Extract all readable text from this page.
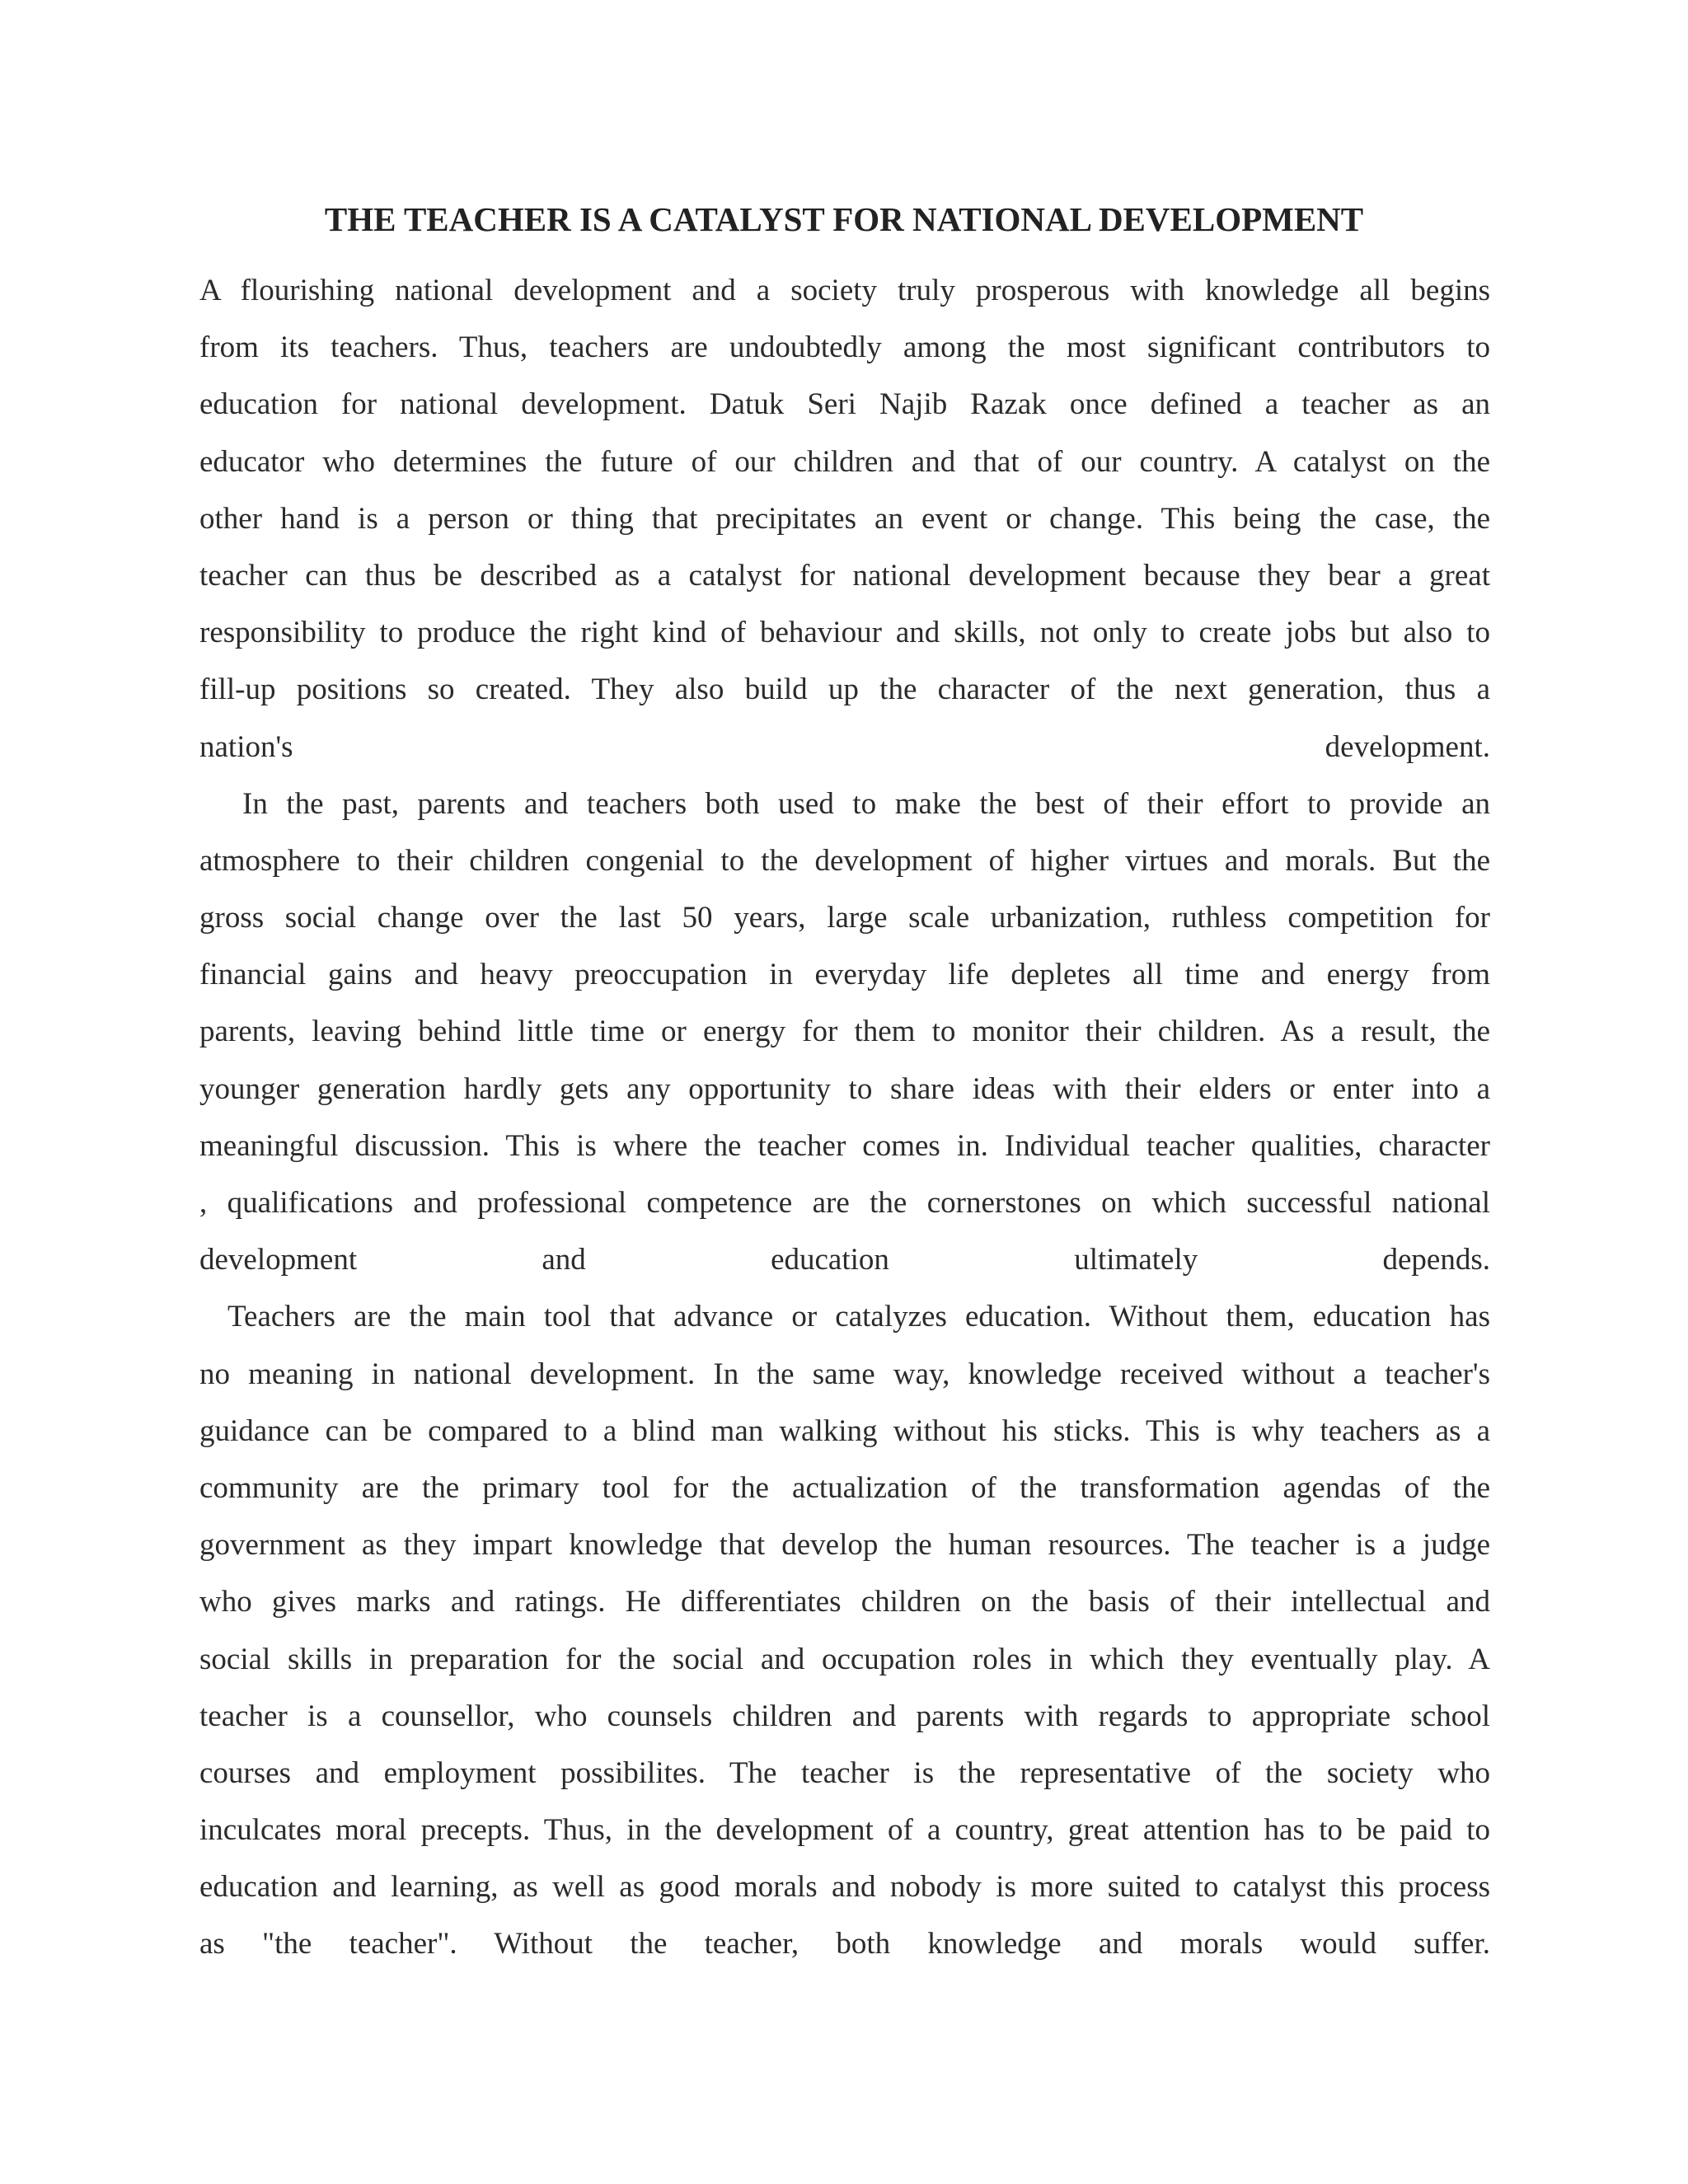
THE TEACHER IS A CATALYST FOR NATIONAL DEVELOPMENT
A flourishing national development and a society truly prosperous with knowledge all begins
from its teachers. Thus, teachers are undoubtedly among the most significant contributors to
education for national development. Datuk Seri Najib Razak once defined a teacher as an
educator who determines the future of our children and that of our country. A catalyst on the
other hand is a person or thing that precipitates an event or change. This being the case, the
teacher can thus be described as a catalyst for national development because they bear a great
responsibility to produce the right kind of behaviour and skills, not only to create jobs but also to
fill-up positions so created. They also build up the character of the next generation, thus a
nation's development.
In the past, parents and teachers both used to make the best of their effort to provide an
atmosphere to their children congenial to the development of higher virtues and morals. But the
gross social change over the last 50 years, large scale urbanization, ruthless competition for
financial gains and heavy preoccupation in everyday life depletes all time and energy from
parents, leaving behind little time or energy for them to monitor their children. As a result, the
younger generation hardly gets any opportunity to share ideas with their elders or enter into a
meaningful discussion. This is where the teacher comes in. Individual teacher qualities, character
, qualifications and professional competence are the cornerstones on which successful national
development and education ultimately depends.
Teachers are the main tool that advance or catalyzes education. Without them, education has
no meaning in national development. In the same way, knowledge received without a teacher's
guidance can be compared to a blind man walking without his sticks. This is why teachers as a
community are the primary tool for the actualization of the transformation agendas of the
government as they impart knowledge that develop the human resources. The teacher is a judge
who gives marks and ratings. He differentiates children on the basis of their intellectual and
social skills in preparation for the social and occupation roles in which they eventually play. A
teacher is a counsellor, who counsels children and parents with regards to appropriate school
courses and employment possibilites. The teacher is the representative of the society who
inculcates moral precepts. Thus, in the development of a country, great attention has to be paid to
education and learning, as well as good morals and nobody is more suited to catalyst this process
as "the teacher". Without the teacher, both knowledge and morals would suffer.
